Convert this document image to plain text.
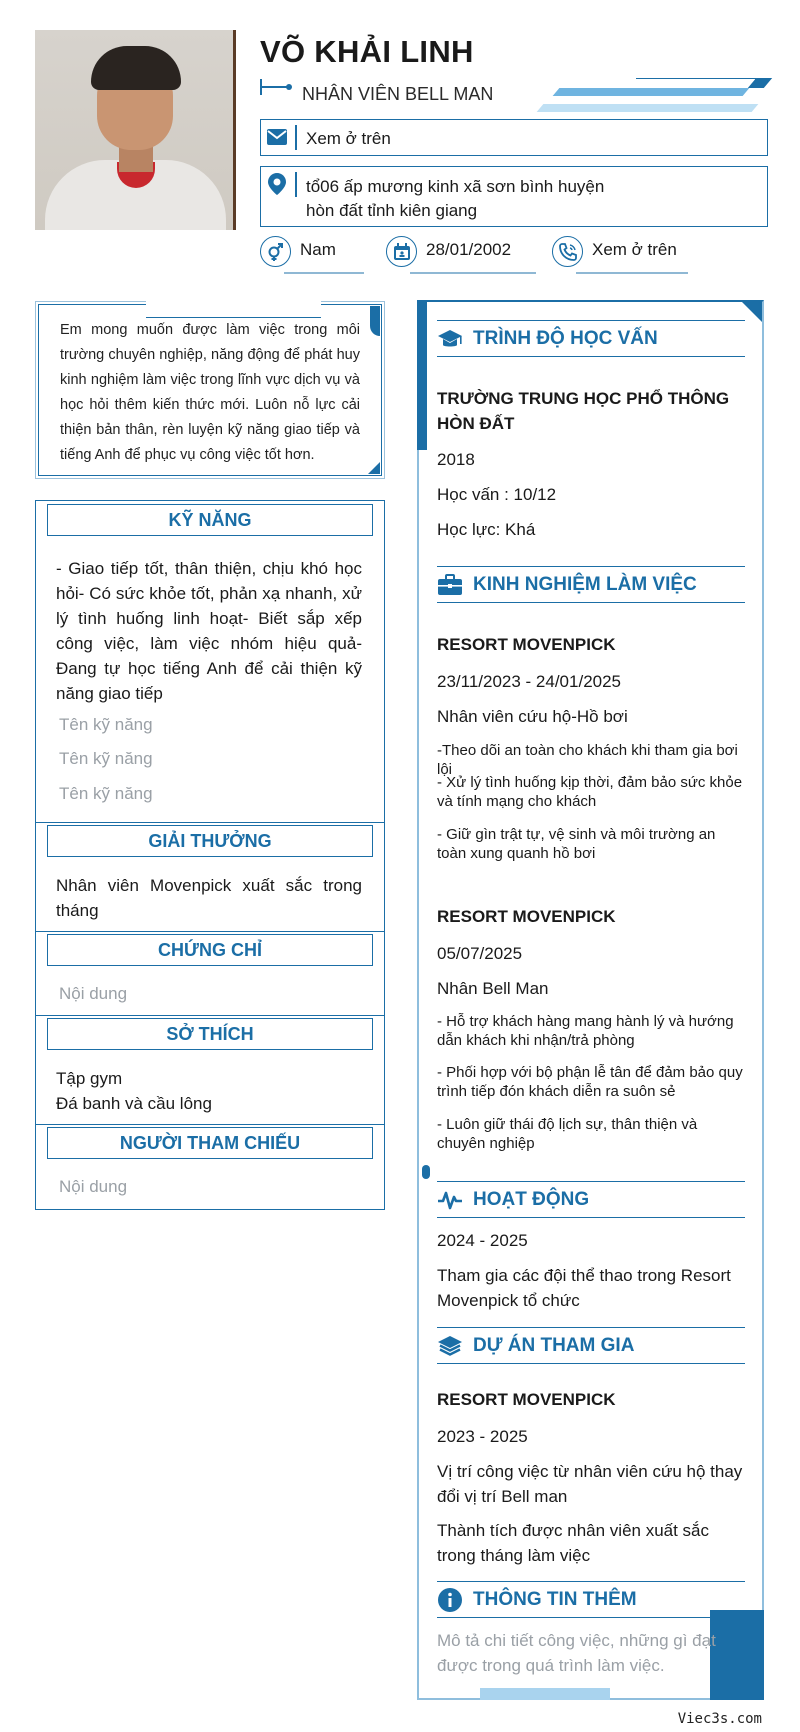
VÕ KHẢI LINH
NHÂN VIÊN BELL MAN
Xem ở trên
tổ06 ấp mương kinh xã sơn bình huyện
hòn đất tỉnh kiên giang
Nam	28/01/2002	Xem ở trên
Em mong muốn được làm việc trong môi trường chuyên nghiệp, năng động để phát huy kinh nghiệm làm việc trong lĩnh vực dịch vụ và học hỏi thêm kiến thức mới. Luôn nỗ lực cải thiện bản thân, rèn luyện kỹ năng giao tiếp và tiếng Anh để phục vụ công việc tốt hơn.
KỸ NĂNG
- Giao tiếp tốt, thân thiện, chịu khó học hỏi- Có sức khỏe tốt, phản xạ nhanh, xử lý tình huống linh hoạt- Biết sắp xếp công việc, làm việc nhóm hiệu quả- Đang tự học tiếng Anh để cải thiện kỹ năng giao tiếp
Tên kỹ năng
Tên kỹ năng
Tên kỹ năng
GIẢI THƯỞNG
Nhân viên Movenpick xuất sắc trong tháng
CHỨNG CHỈ
Nội dung
SỞ THÍCH
Tập gym
Đá banh và cầu lông
NGƯỜI THAM CHIẾU
Nội dung
TRÌNH ĐỘ HỌC VẤN
TRƯỜNG TRUNG HỌC PHỔ THÔNG HÒN ĐẤT
2018
Học vấn : 10/12
Học lực: Khá
KINH NGHIỆM LÀM VIỆC
RESORT MOVENPICK
23/11/2023 - 24/01/2025
Nhân viên cứu hộ-Hồ bơi
-Theo dõi an toàn cho khách khi tham gia bơi lội
- Xử lý tình huống kịp thời, đảm bảo sức khỏe và tính mạng cho khách
- Giữ gìn trật tự, vệ sinh và môi trường an toàn xung quanh hồ bơi
RESORT MOVENPICK
05/07/2025
Nhân Bell Man
- Hỗ trợ khách hàng mang hành lý và hướng dẫn khách khi nhận/trả phòng
- Phối hợp với bộ phận lễ tân để đảm bảo quy trình tiếp đón khách diễn ra suôn sẻ
- Luôn giữ thái độ lịch sự, thân thiện và chuyên nghiệp
HOẠT ĐỘNG
2024 - 2025
Tham gia các đội thể thao trong Resort Movenpick tổ chức
DỰ ÁN THAM GIA
RESORT MOVENPICK
2023 - 2025
Vị trí công việc từ nhân viên cứu hộ thay đổi vị trí Bell man
Thành tích được nhân viên xuất sắc trong tháng làm việc
THÔNG TIN THÊM
Mô tả chi tiết công việc, những gì đạt được trong quá trình làm việc.
Viec3s.com
